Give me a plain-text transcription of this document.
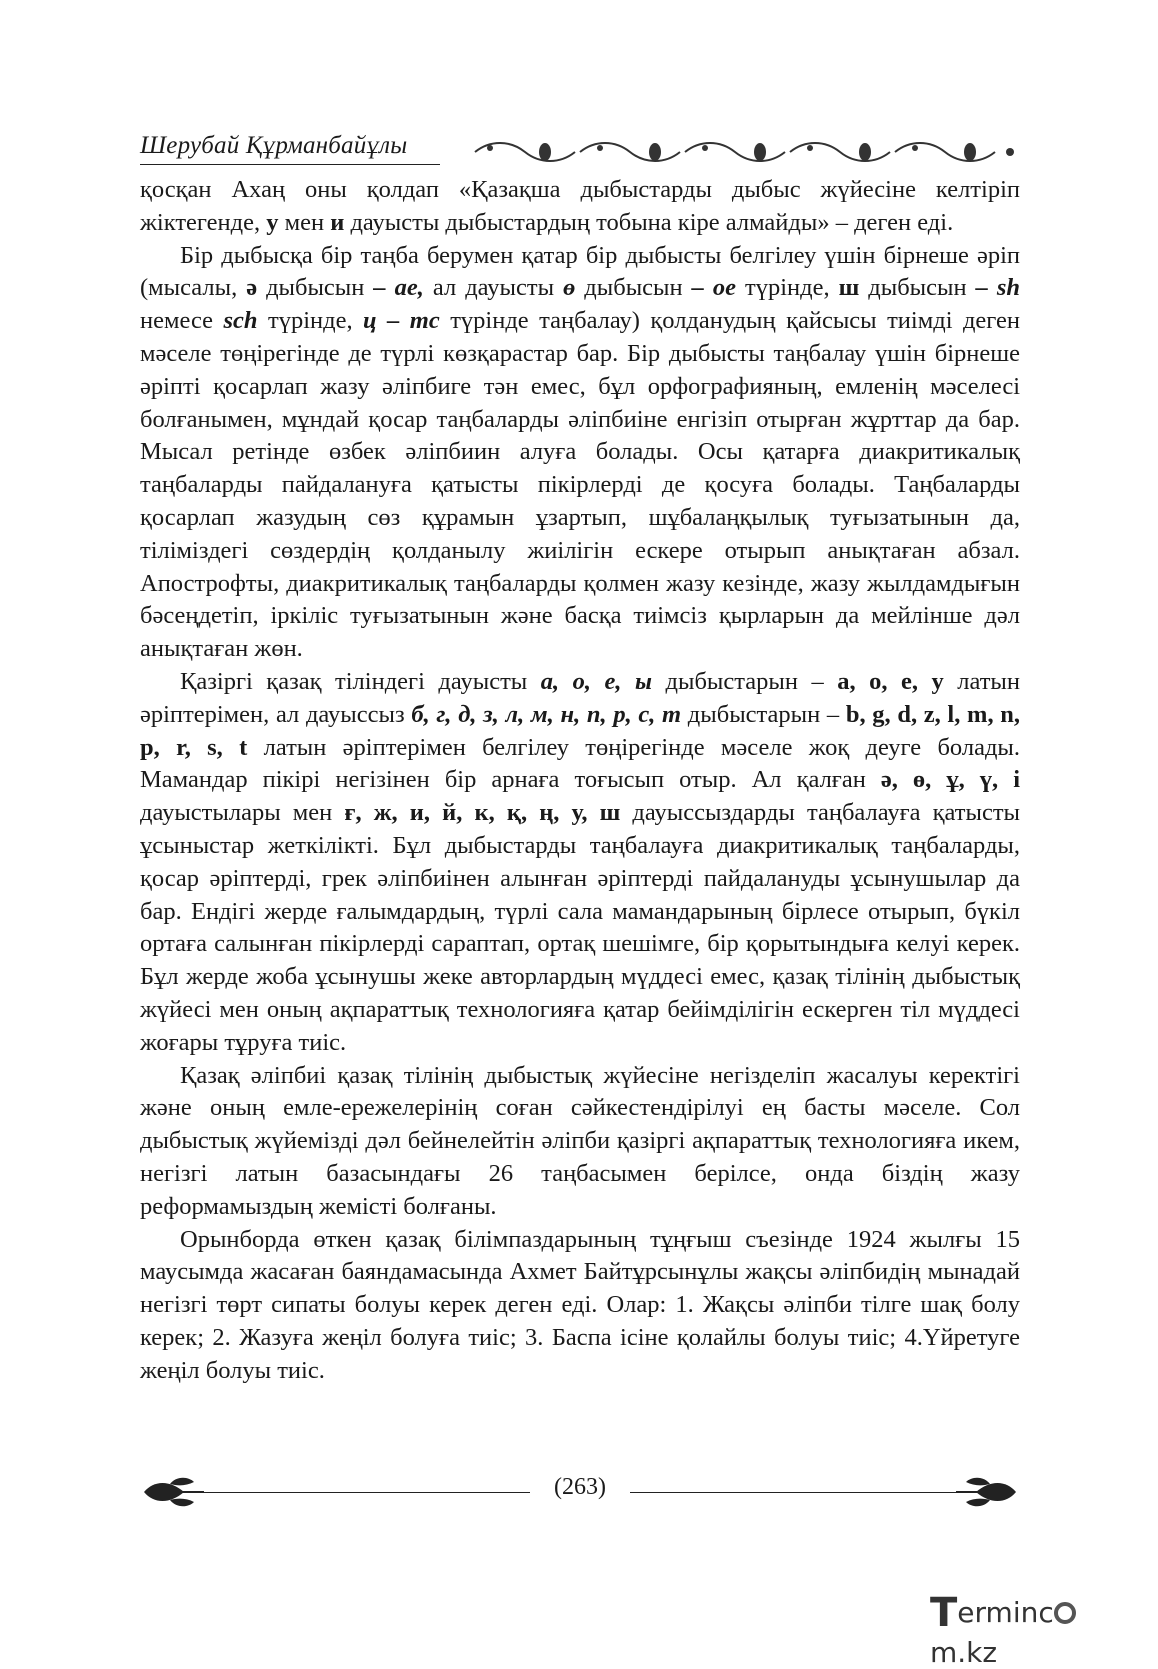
Шерубай Құрманбайұлы

қосқан Ахаң оны қолдап «Қазақша дыбыстарды дыбыс жүйесіне келтіріп жіктегенде, у мен и дауысты дыбыстардың тобына кіре алмайды» – деген еді.

Бір дыбысқа бір таңба берумен қатар бір дыбысты белгілеу үшін бірнеше әріп (мысалы, ә дыбысын – ае, ал дауысты ө дыбысын – ое түрінде, ш дыбысын – sh немесе sch түрінде, ц – тс түрінде таңбалау) қолданудың қайсысы тиімді деген мәселе төңірегінде де түрлі көзқарастар бар. Бір дыбысты таңбалау үшін бірнеше әріпті қосарлап жазу әліпбиге тән емес, бұл орфографияның, емленің мәселесі болғанымен, мұндай қосар таңбаларды әліпбиіне енгізіп отырған жұрттар да бар. Мысал ретінде өзбек әліпбиин алуға болады. Осы қатарға диакритикалық таңбаларды пайдалануға қатысты пікірлерді де қосуға болады. Таңбаларды қосарлап жазудың сөз құрамын ұзартып, шұбалаңқылық туғызатынын да, тіліміздегі сөздердің қолданылу жиілігін ескере отырып анықтаған абзал. Апострофты, диакритикалық таңбаларды қолмен жазу кезінде, жазу жылдамдығын бәсеңдетіп, іркіліс туғызатынын және басқа тиімсіз қырларын да мейлінше дәл анықтаған жөн.

Қазіргі қазақ тіліндегі дауысты а, о, е, ы дыбыстарын – a, o, e, y латын әріптерімен, ал дауыссыз б, г, д, з, л, м, н, п, р, с, т дыбыстарын – b, g, d, z, l, m, n, p, r, s, t латын әріптерімен белгілеу төңірегінде мәселе жоқ деуге болады. Мамандар пікірі негізінен бір арнаға тоғысып отыр. Ал қалған ә, ө, ұ, ү, і дауыстылары мен ғ, ж, и, й, к, қ, ң, у, ш дауыссыздарды таңбалауға қатысты ұсыныстар жеткілікті. Бұл дыбыстарды таңбалауға диакритикалық таңбаларды, қосар әріптерді, грек әліпбиінен алынған әріптерді пайдалануды ұсынушылар да бар. Ендігі жерде ғалымдардың, түрлі сала мамандарының бірлесе отырып, бүкіл ортаға салынған пікірлерді сараптап, ортақ шешімге, бір қорытындыға келуі керек. Бұл жерде жоба ұсынушы жеке авторлардың мүддесі емес, қазақ тілінің дыбыстық жүйесі мен оның ақпараттық технологияға қатар бейімділігін ескерген тіл мүддесі жоғары тұруға тиіс.

Қазақ әліпбиі қазақ тілінің дыбыстық жүйесіне негізделіп жасалуы керектігі және оның емле-ережелерінің соған сәйкестендірілуі ең басты мәселе. Сол дыбыстық жүйемізді дәл бейнелейтін әліпби қазіргі ақпараттық технологияға икем, негізгі латын базасындағы 26 таңбасымен берілсе, онда біздің жазу реформамыздың жемісті болғаны.

Орынборда өткен қазақ білімпаздарының тұңғыш съезінде 1924 жылғы 15 маусымда жасаған баяндамасында Ахмет Байтұрсынұлы жақсы әліпбидің мынадай негізгі төрт сипаты болуы керек деген еді. Олар: 1. Жақсы әліпби тілге шақ болу керек; 2. Жазуға жеңіл болуға тиіс; 3. Баспа ісіне қолайлы болуы тиіс; 4.Үйретуге жеңіл болуы тиіс.

(263)
Termincm.kz
